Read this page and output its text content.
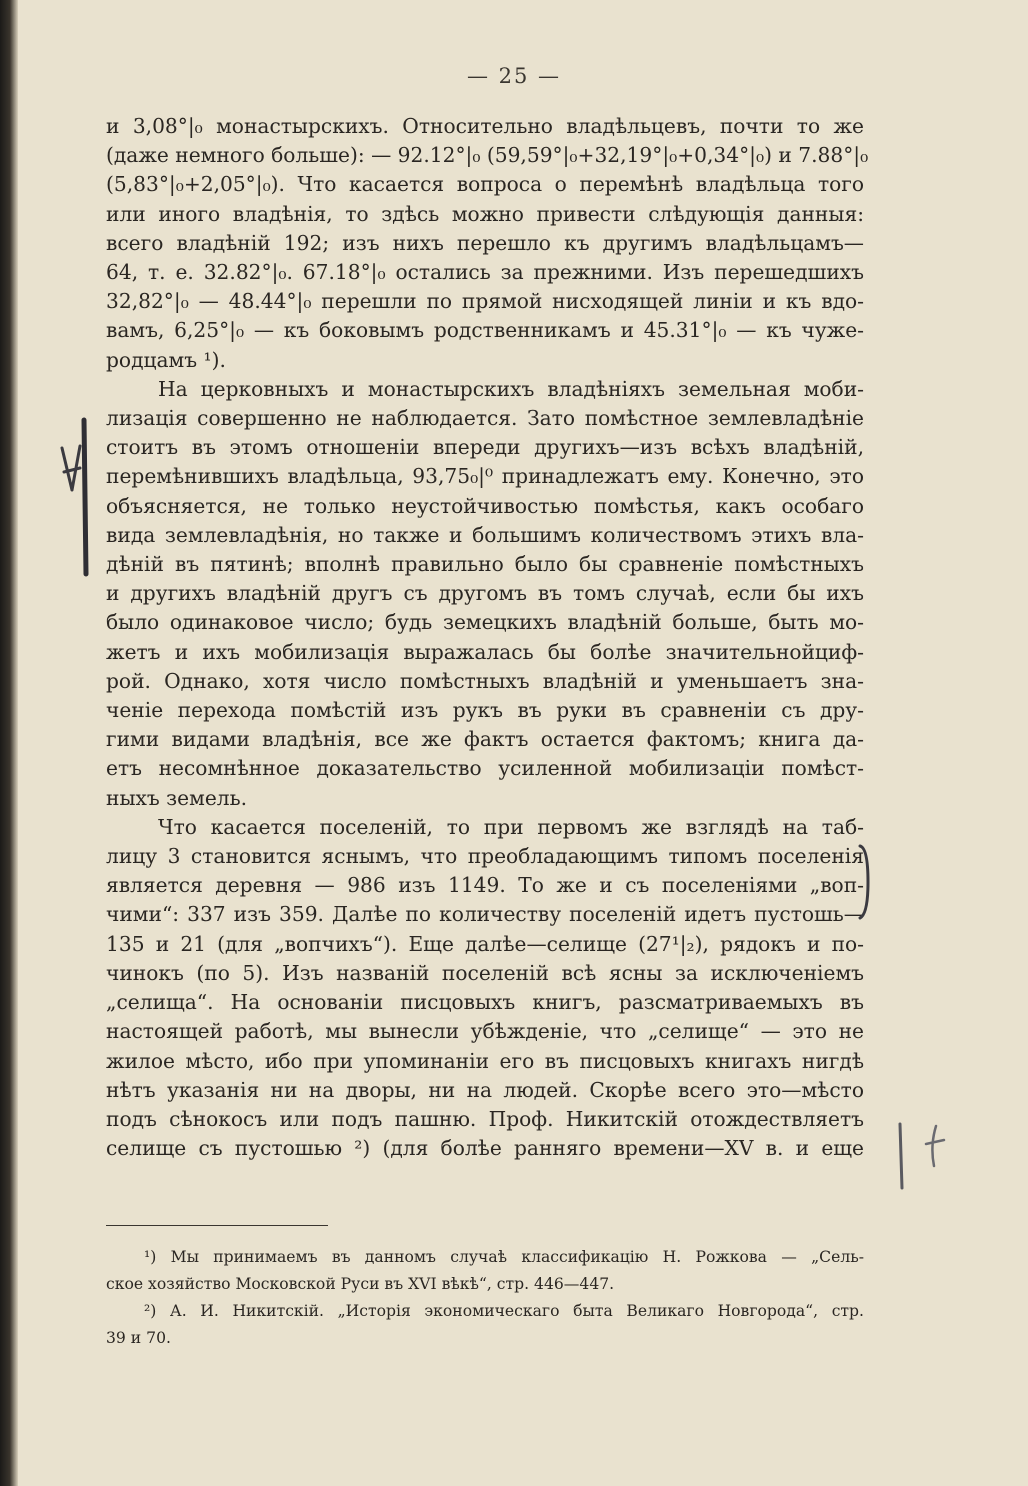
— 25 —

и 3,08°|₀ монастырскихъ. Относительно владѣльцевъ, почти то же
(даже немного больше): — 92.12°|₀ (59,59°|₀+32,19°|₀+0,34°|₀) и 7.88°|₀
(5,83°|₀+2,05°|₀). Что касается вопроса о перемѣнѣ владѣльца того
или иного владѣнія, то здѣсь можно привести слѣдующія данныя:
всего владѣній 192; изъ нихъ перешло къ другимъ владѣльцамъ—
64, т. е. 32.82°|₀. 67.18°|₀ остались за прежними. Изъ перешедшихъ
32,82°|₀ — 48.44°|₀ перешли по прямой нисходящей линіи и къ вдо-
вамъ, 6,25°|₀ — къ боковымъ родственникамъ и 45.31°|₀ — къ чуже-
родцамъ ¹).

На церковныхъ и монастырскихъ владѣніяхъ земельная моби-
лизація совершенно не наблюдается. Зато помѣстное землевладѣніе
стоитъ въ этомъ отношеніи впереди другихъ—изъ всѣхъ владѣній,
перемѣнившихъ владѣльца, 93,75₀|⁰ принадлежатъ ему. Конечно, это
объясняется, не только неустойчивостью помѣстья, какъ особаго
вида землевладѣнія, но также и большимъ количествомъ этихъ вла-
дѣній въ пятинѣ; вполнѣ правильно было бы сравненіе помѣстныхъ
и другихъ владѣній другъ съ другомъ въ томъ случаѣ, если бы ихъ
было одинаковое число; будь земецкихъ владѣній больше, быть мо-
жетъ и ихъ мобилизація выражалась бы болѣе значительнойциф-
рой. Однако, хотя число помѣстныхъ владѣній и уменьшаетъ зна-
ченіе перехода помѣстій изъ рукъ въ руки въ сравненіи съ дру-
гими видами владѣнія, все же фактъ остается фактомъ; книга да-
етъ несомнѣнное доказательство усиленной мобилизаціи помѣст-
ныхъ земель.

Что касается поселеній, то при первомъ же взглядѣ на таб-
лицу 3 становится яснымъ, что преобладающимъ типомъ поселенія
является деревня — 986 изъ 1149. То же и съ поселеніями „воп-
чими“: 337 изъ 359. Далѣе по количеству поселеній идетъ пустошь—
135 и 21 (для „вопчихъ“). Еще далѣе—селище (27¹|₂), рядокъ и по-
чинокъ (по 5). Изъ названій поселеній всѣ ясны за исключеніемъ
„селища“. На основаніи писцовыхъ книгъ, разсматриваемыхъ въ
настоящей работѣ, мы вынесли убѣжденіе, что „селище“ — это не
жилое мѣсто, ибо при упоминаніи его въ писцовыхъ книгахъ нигдѣ
нѣтъ указанія ни на дворы, ни на людей. Скорѣе всего это—мѣсто
подъ сѣнокосъ или подъ пашню. Проф. Никитскій отождествляетъ
селище съ пустошью ²) (для болѣе ранняго времени—XV в. и еще

¹) Мы принимаемъ въ данномъ случаѣ классификацію Н. Рожкова — „Сель-
ское хозяйство Московской Руси въ XVI вѣкѣ“, стр. 446—447.

²) А. И. Никитскій. „Исторія экономическаго быта Великаго Новгорода“, стр.
39 и 70.
